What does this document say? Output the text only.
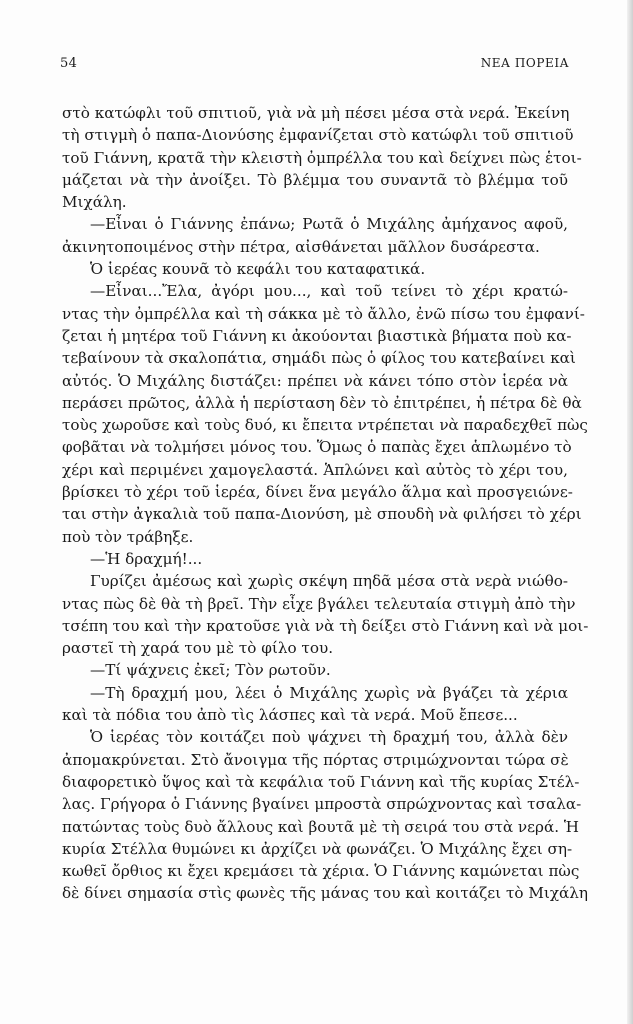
54	ΝΕΑ ΠΟΡΕΙΑ
στὸ κατώφλι τοῦ σπιτιοῦ, γιὰ νὰ μὴ πέσει μέσα στὰ νερά. Ἐκείνη
τὴ στιγμὴ ὁ παπα-Διονύσης ἐμφανίζεται στὸ κατώφλι τοῦ σπιτιοῦ
τοῦ Γιάννη, κρατᾶ τὴν κλειστὴ ὀμπρέλλα του καὶ δείχνει πὼς ἑτοι-
μάζεται νὰ τὴν ἀνοίξει. Τὸ βλέμμα του συναντᾶ τὸ βλέμμα τοῦ
Μιχάλη.
—Εἶναι ὁ Γιάννης ἐπάνω; Ρωτᾶ ὁ Μιχάλης ἀμήχανος αφοῦ,
ἀκινητοποιμένος στὴν πέτρα, αἰσθάνεται μᾶλλον δυσάρεστα.
Ὁ ἱερέας κουνᾶ τὸ κεφάλι του καταφατικά.
—Εἶναι...Ἔλα, ἀγόρι μου..., καὶ τοῦ τείνει τὸ χέρι κρατώ-
ντας τὴν ὀμπρέλλα καὶ τὴ σάκκα μὲ τὸ ἄλλο, ἐνῶ πίσω του ἐμφανί-
ζεται ἡ μητέρα τοῦ Γιάννη κι ἀκούονται βιαστικὰ βήματα ποὺ κα-
τεβαίνουν τὰ σκαλοπάτια, σημάδι πὼς ὁ φίλος του κατεβαίνει καὶ
αὐτός. Ὁ Μιχάλης διστάζει: πρέπει νὰ κάνει τόπο στὸν ἱερέα νὰ
περάσει πρῶτος, ἀλλὰ ἡ περίσταση δὲν τὸ ἐπιτρέπει, ἡ πέτρα δὲ θὰ
τοὺς χωροῦσε καὶ τοὺς δυό, κι ἔπειτα ντρέπεται νὰ παραδεχθεῖ πὼς
φοβᾶται νὰ τολμήσει μόνος του. Ὅμως ὁ παπὰς ἔχει ἁπλωμένο τὸ
χέρι καὶ περιμένει χαμογελαστά. Ἁπλώνει καὶ αὐτὸς τὸ χέρι του,
βρίσκει τὸ χέρι τοῦ ἱερέα, δίνει ἕνα μεγάλο ἅλμα καὶ προσγειώνε-
ται στὴν ἀγκαλιὰ τοῦ παπα-Διονύση, μὲ σπουδὴ νὰ φιλήσει τὸ χέρι
ποὺ τὸν τράβηξε.
—Ἡ δραχμή!...
Γυρίζει ἀμέσως καὶ χωρὶς σκέψη πηδᾶ μέσα στὰ νερὰ νιώθο-
ντας πὼς δὲ θὰ τὴ βρεῖ. Τὴν εἶχε βγάλει τελευταία στιγμὴ ἀπὸ τὴν
τσέπη του καὶ τὴν κρατοῦσε γιὰ νὰ τὴ δείξει στὸ Γιάννη καὶ νὰ μοι-
ραστεῖ τὴ χαρά του μὲ τὸ φίλο του.
—Τί ψάχνεις ἐκεῖ; Τὸν ρωτοῦν.
—Τὴ δραχμή μου, λέει ὁ Μιχάλης χωρὶς νὰ βγάζει τὰ χέρια
καὶ τὰ πόδια του ἀπὸ τὶς λάσπες καὶ τὰ νερά. Μοῦ ἔπεσε...
Ὁ ἱερέας τὸν κοιτάζει ποὺ ψάχνει τὴ δραχμή του, ἀλλὰ δὲν
ἀπομακρύνεται. Στὸ ἄνοιγμα τῆς πόρτας στριμώχνονται τώρα σὲ
διαφορετικὸ ὕψος καὶ τὰ κεφάλια τοῦ Γιάννη καὶ τῆς κυρίας Στέλ-
λας. Γρήγορα ὁ Γιάννης βγαίνει μπροστὰ σπρώχνοντας καὶ τσαλα-
πατώντας τοὺς δυὸ ἄλλους καὶ βουτᾶ μὲ τὴ σειρά του στὰ νερά. Ἡ
κυρία Στέλλα θυμώνει κι ἀρχίζει νὰ φωνάζει. Ὁ Μιχάλης ἔχει ση-
κωθεῖ ὄρθιος κι ἔχει κρεμάσει τὰ χέρια. Ὁ Γιάννης καμώνεται πὼς
δὲ δίνει σημασία στὶς φωνὲς τῆς μάνας του καὶ κοιτάζει τὸ Μιχάλη
